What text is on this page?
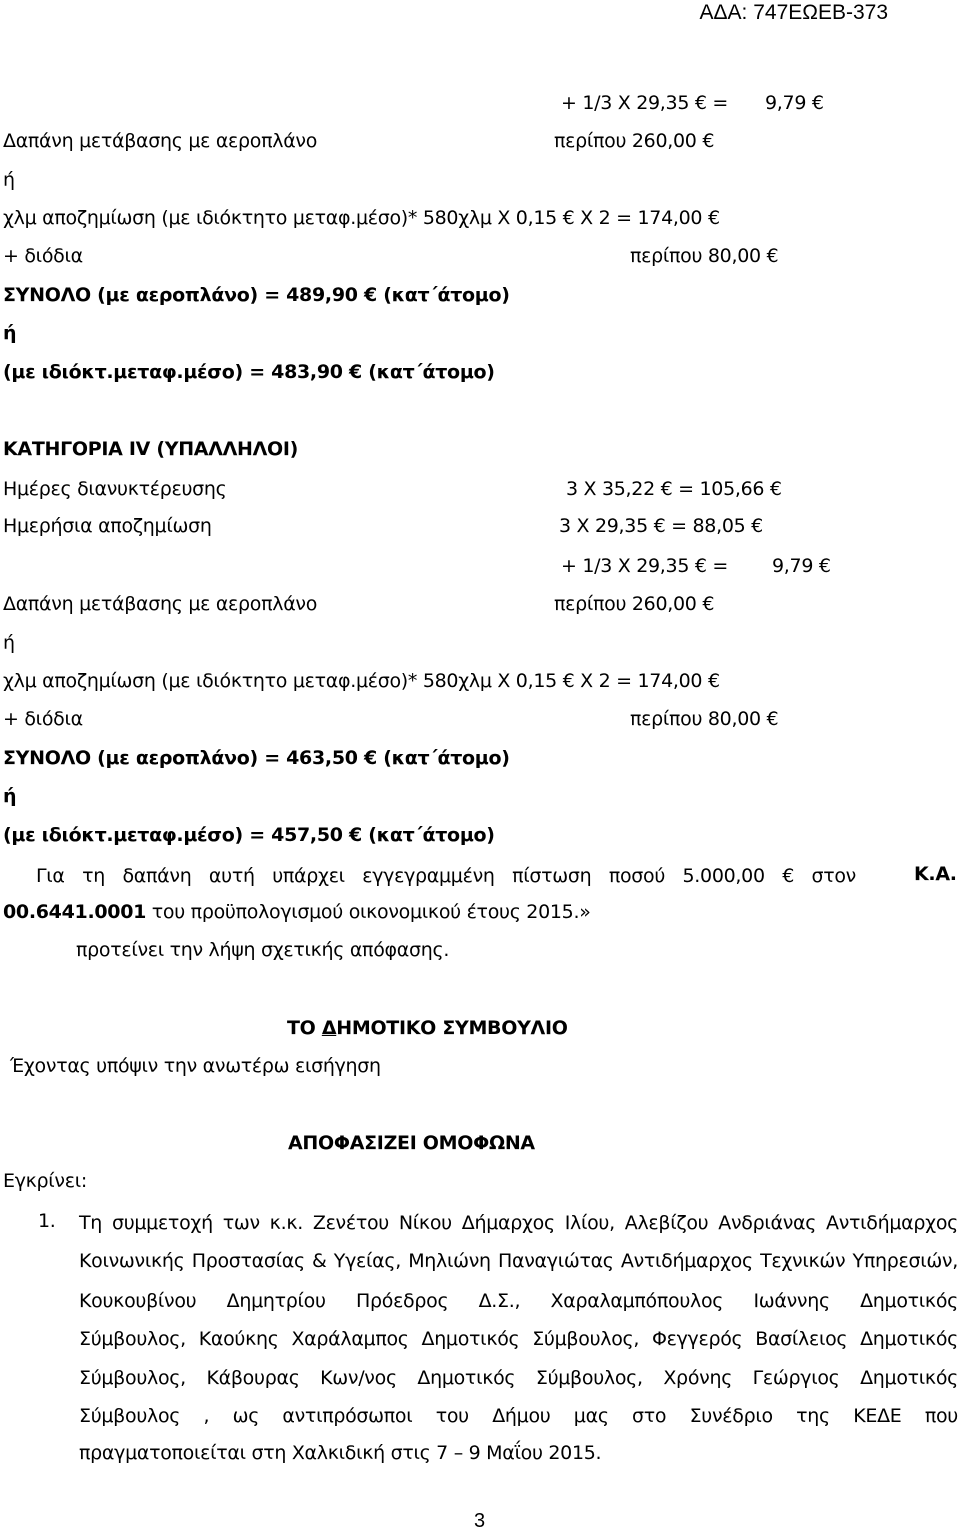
ΑΔΑ: 747ΕΩΕΒ-373
+ 1/3 Χ 29,35 € = 9,79 €
Δαπάνη μετάβασης με αεροπλάνο	περίπου 260,00 €
ή
χλμ αποζημίωση (με ιδιόκτητο μεταφ.μέσο)* 580χλμ Χ 0,15 € Χ 2 = 174,00 €
+ διόδια	περίπου 80,00 €
ΣΥΝΟΛΟ (με αεροπλάνο) = 489,90 € (κατ΄άτομο)
ή
(με ιδιόκτ.μεταφ.μέσο) = 483,90 € (κατ΄άτομο)
ΚΑΤΗΓΟΡΙΑ IV (ΥΠΑΛΛΗΛΟΙ)
Ημέρες διανυκτέρευσης	3 Χ 35,22 € = 105,66 €
Ημερήσια αποζημίωση	3 Χ 29,35 € = 88,05 €
+ 1/3 Χ 29,35 € = 9,79 €
Δαπάνη μετάβασης με αεροπλάνο	περίπου 260,00 €
ή
χλμ αποζημίωση (με ιδιόκτητο μεταφ.μέσο)* 580χλμ Χ 0,15 € Χ 2 = 174,00 €
+ διόδια	περίπου 80,00 €
ΣΥΝΟΛΟ (με αεροπλάνο) = 463,50 € (κατ΄άτομο)
ή
(με ιδιόκτ.μεταφ.μέσο) = 457,50 € (κατ΄άτομο)
Για τη δαπάνη αυτή υπάρχει εγγεγραμμένη πίστωση ποσού 5.000,00 € στον	Κ.Α.
00.6441.0001 του προϋπολογισμού οικονομικού έτους 2015.»
προτείνει την λήψη σχετικής απόφασης.
ΤΟ ΔΗΜΟΤΙΚΟ ΣΥΜΒΟΥΛΙΟ
Έχοντας υπόψιν την ανωτέρω εισήγηση
ΑΠΟΦΑΣΙΖΕΙ ΟΜΟΦΩΝΑ
Εγκρίνει:
1. Τη συμμετοχή των κ.κ. Ζενέτου Νίκου Δήμαρχος Ιλίου, Αλεβίζου Ανδριάνας Αντιδήμαρχος
Κοινωνικής Προστασίας & Υγείας, Μηλιώνη Παναγιώτας Αντιδήμαρχος Τεχνικών Υπηρεσιών,
Κουκουβίνου Δημητρίου Πρόεδρος Δ.Σ., Χαραλαμπόπουλος Ιωάννης Δημοτικός
Σύμβουλος, Καούκης Χαράλαμπος Δημοτικός Σύμβουλος, Φεγγερός Βασίλειος Δημοτικός
Σύμβουλος, Κάβουρας Κων/νος Δημοτικός Σύμβουλος, Χρόνης Γεώργιος Δημοτικός
Σύμβουλος , ως αντιπρόσωποι του Δήμου μας στο Συνέδριο της ΚΕΔΕ που
πραγματοποιείται στη Χαλκιδική στις 7 – 9 Μαΐου 2015.
3
